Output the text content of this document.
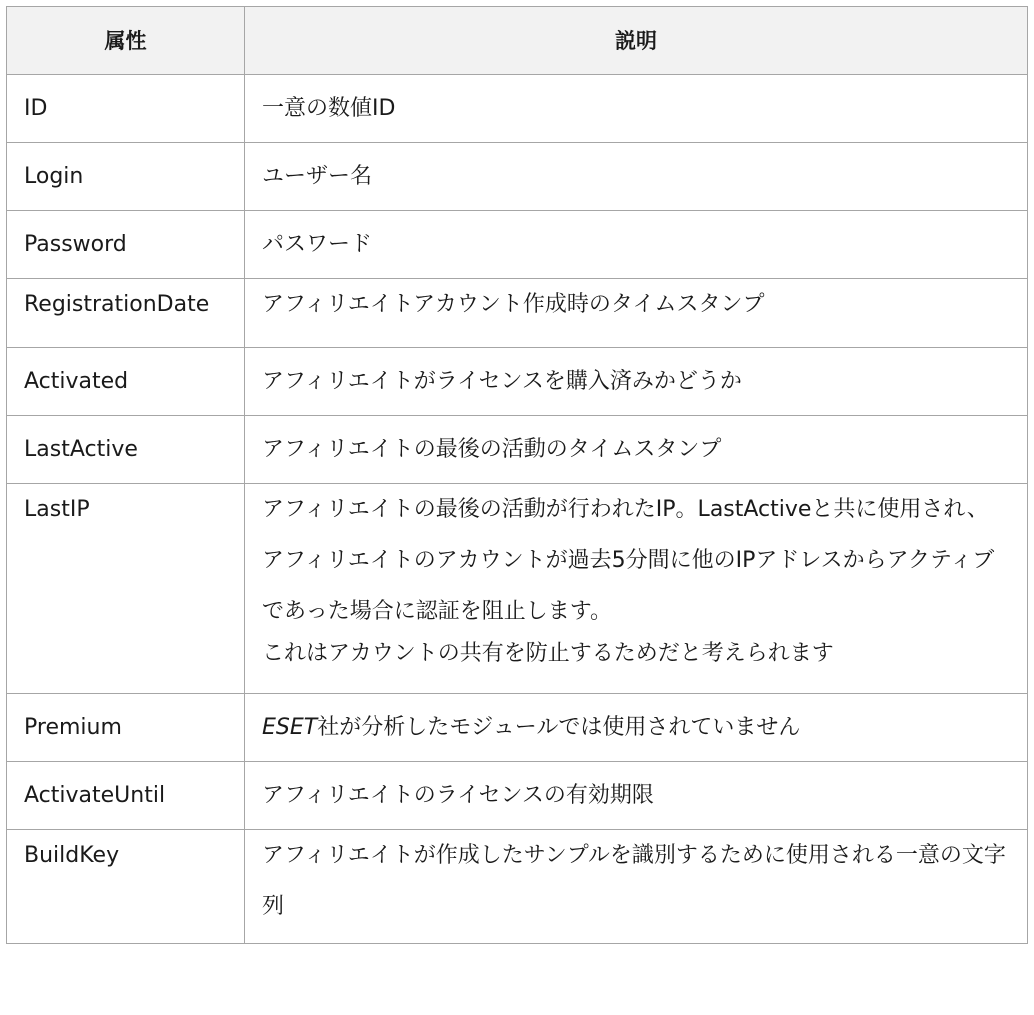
属性	説明
ID	一意の数値ID
Login	ユーザー名
Password	パスワード

RegistrationDate	アフィリエイトアカウント作成時のタイムスタンプ

Activated	アフィリエイトがライセンスを購入済みかどうか
LastActive	アフィリエイトの最後の活動のタイムスタンプ

LastIP	アフィリエイトの最後の活動が行われたIP。LastActiveと共に使用され、アフィリエイトのアカウントが過去5分間に他のIPアドレスからアクティブであった場合に認証を阻止します。
これはアカウントの共有を防止するためだと考えられます

Premium	ESET社が分析したモジュールでは使用されていません
ActivateUntil	アフィリエイトのライセンスの有効期限

BuildKey	アフィリエイトが作成したサンプルを識別するために使用される一意の文字列
